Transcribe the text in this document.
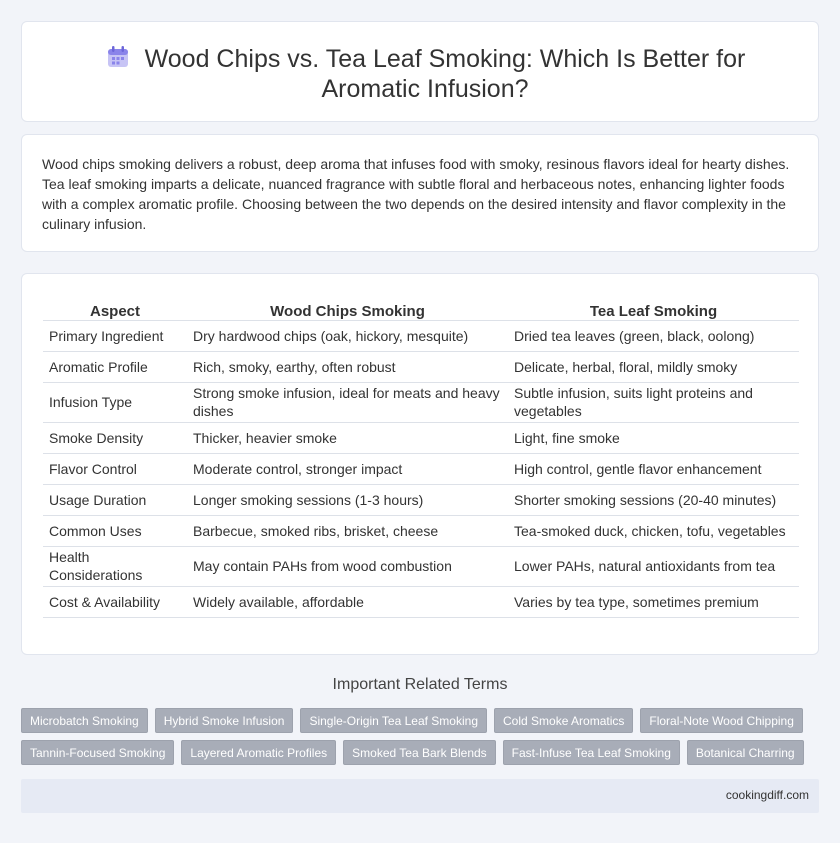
Wood Chips vs. Tea Leaf Smoking: Which Is Better for Aromatic Infusion?

Wood chips smoking delivers a robust, deep aroma that infuses food with smoky, resinous flavors ideal for hearty dishes. Tea leaf smoking imparts a delicate, nuanced fragrance with subtle floral and herbaceous notes, enhancing lighter foods with a complex aromatic profile. Choosing between the two depends on the desired intensity and flavor complexity in the culinary infusion.

Aspect	Wood Chips Smoking	Tea Leaf Smoking
Primary Ingredient	Dry hardwood chips (oak, hickory, mesquite)	Dried tea leaves (green, black, oolong)
Aromatic Profile	Rich, smoky, earthy, often robust	Delicate, herbal, floral, mildly smoky
Infusion Type	Strong smoke infusion, ideal for meats and heavy dishes	Subtle infusion, suits light proteins and vegetables
Smoke Density	Thicker, heavier smoke	Light, fine smoke
Flavor Control	Moderate control, stronger impact	High control, gentle flavor enhancement
Usage Duration	Longer smoking sessions (1-3 hours)	Shorter smoking sessions (20-40 minutes)
Common Uses	Barbecue, smoked ribs, brisket, cheese	Tea-smoked duck, chicken, tofu, vegetables
Health Considerations	May contain PAHs from wood combustion	Lower PAHs, natural antioxidants from tea
Cost & Availability	Widely available, affordable	Varies by tea type, sometimes premium
Important Related Terms
Microbatch Smoking	Hybrid Smoke Infusion	Single-Origin Tea Leaf Smoking	Cold Smoke Aromatics	Floral-Note Wood Chipping
Tannin-Focused Smoking	Layered Aromatic Profiles	Smoked Tea Bark Blends	Fast-Infuse Tea Leaf Smoking	Botanical Charring
cookingdiff.com
